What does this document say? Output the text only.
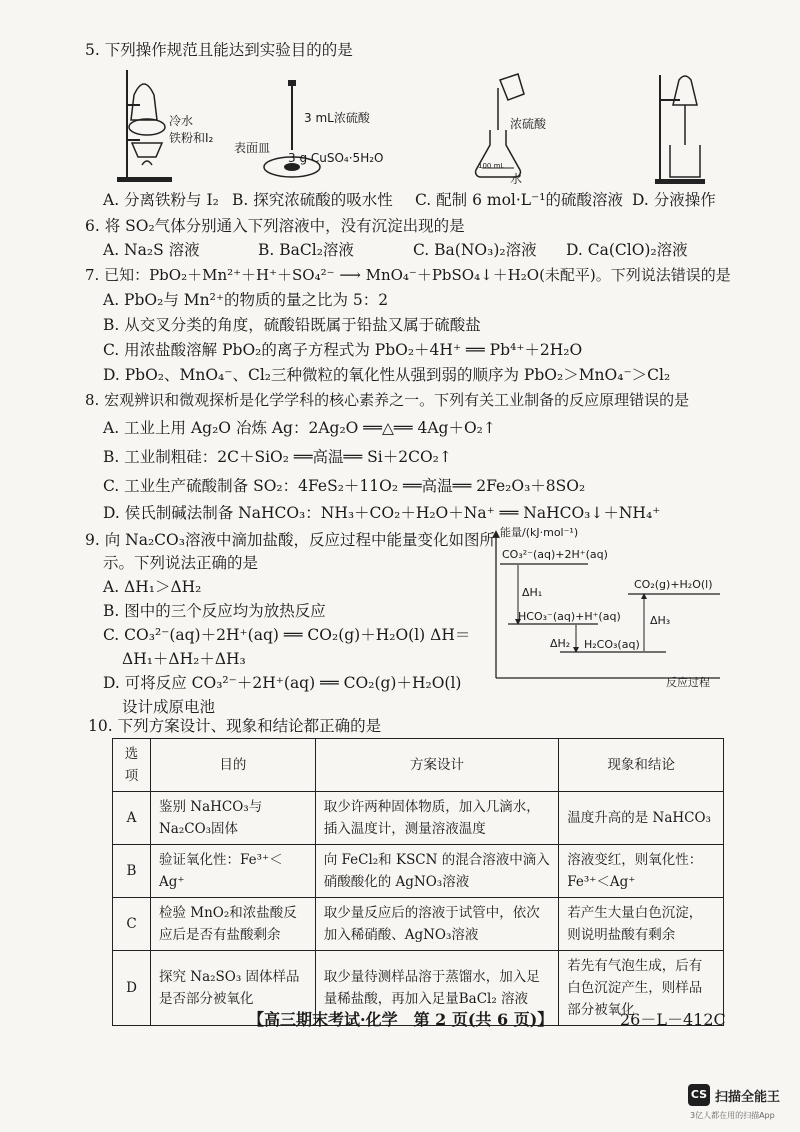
5. 下列操作规范且能达到实验目的的是
冷水
铁粉和I₂
3 mL浓硫酸
表面皿
3 g CuSO₄·5H₂O
浓硫酸
100 mL
水
A. 分离铁粉与 I₂ B. 探究浓硫酸的吸水性 C. 配制 6 mol·L⁻¹的硫酸溶液 D. 分液操作
6. 将 SO₂气体分别通入下列溶液中，没有沉淀出现的是
A. Na₂S 溶液	B. BaCl₂溶液	C. Ba(NO₃)₂溶液 D. Ca(ClO)₂溶液
7. 已知：PbO₂＋Mn²⁺＋H⁺＋SO₄²⁻ ⟶ MnO₄⁻＋PbSO₄↓＋H₂O(未配平)。下列说法错误的是
A. PbO₂与 Mn²⁺的物质的量之比为 5：2
B. 从交叉分类的角度，硫酸铅既属于铅盐又属于硫酸盐
C. 用浓盐酸溶解 PbO₂的离子方程式为 PbO₂＋4H⁺ ══ Pb⁴⁺＋2H₂O
D. PbO₂、MnO₄⁻、Cl₂三种微粒的氧化性从强到弱的顺序为 PbO₂＞MnO₄⁻＞Cl₂
8. 宏观辨识和微观探析是化学学科的核心素养之一。下列有关工业制备的反应原理错误的是
A. 工业上用 Ag₂O 冶炼 Ag：2Ag₂O ══△══ 4Ag＋O₂↑
B. 工业制粗硅：2C＋SiO₂ ══高温══ Si＋2CO₂↑
C. 工业生产硫酸制备 SO₂：4FeS₂＋11O₂ ══高温══ 2Fe₂O₃＋8SO₂
D. 侯氏制碱法制备 NaHCO₃：NH₃＋CO₂＋H₂O＋Na⁺ ══ NaHCO₃↓＋NH₄⁺
9. 向 Na₂CO₃溶液中滴加盐酸，反应过程中能量变化如图所
示。下列说法正确的是
A. ΔH₁＞ΔH₂
B. 图中的三个反应均为放热反应
C. CO₃²⁻(aq)＋2H⁺(aq) ══ CO₂(g)＋H₂O(l) ΔH＝
ΔH₁＋ΔH₂＋ΔH₃
D. 可将反应 CO₃²⁻＋2H⁺(aq) ══ CO₂(g)＋H₂O(l)
设计成原电池
能量/(kJ·mol⁻¹)
CO₃²⁻(aq)+2H⁺(aq)
ΔH₁
CO₂(g)+H₂O(l)
ΔH₃
HCO₃⁻(aq)+H⁺(aq)
ΔH₂ H₂CO₃(aq)
反应过程
10. 下列方案设计、现象和结论都正确的是
选项	目的	方案设计	现象和结论
A	鉴别 NaHCO₃与 Na₂CO₃固体	取少许两种固体物质，加入几滴水，插入温度计，测量溶液温度	温度升高的是 NaHCO₃
B	验证氧化性：Fe³⁺＜Ag⁺	向 FeCl₂和 KSCN 的混合溶液中滴入硝酸酸化的 AgNO₃溶液	溶液变红，则氧化性：Fe³⁺＜Ag⁺
C	检验 MnO₂和浓盐酸反应后是否有盐酸剩余	取少量反应后的溶液于试管中，依次加入稀硝酸、AgNO₃溶液	若产生大量白色沉淀，则说明盐酸有剩余
D	探究 Na₂SO₃ 固体样品是否部分被氧化	取少量待测样品溶于蒸馏水，加入足量稀盐酸，再加入足量BaCl₂ 溶液	若先有气泡生成，后有白色沉淀产生，则样品部分被氧化
【高三期末考试·化学　第 2 页(共 6 页)】	26－L－412C
CS 扫描全能王
3亿人都在用的扫描App
